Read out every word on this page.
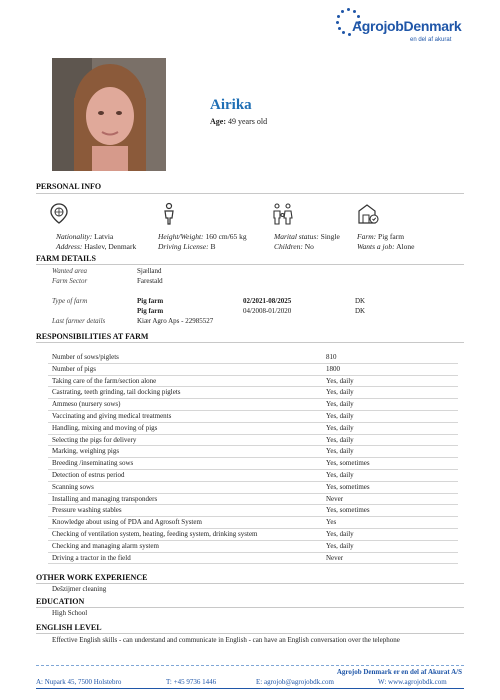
AgrojobDenmark
en del af akurat
Airika
Age: 49 years old
PERSONAL INFO
Nationality: Latvia
Address: Haslev, Denmark
Height/Weight: 160 cm/65 kg
Driving License: B
Marital status: Single
Children: No
Farm: Pig farm
Wants a job: Alone
FARM DETAILS
Wanted area	Sjælland
Farm Sector	Farestald
Type of farm	Pig farm	02/2021-08/2025	DK
Pig farm	04/2008-01/2020	DK
Last farmer details	Kiær Agro Aps - 22985527
RESPONSIBILITIES AT FARM
Number of sows/piglets	810
Number of pigs	1800
Taking care of the farm/section alone	Yes, daily
Castrating, teeth grinding, tail docking piglets	Yes, daily
Ammeso (nursery sows)	Yes, daily
Vaccinating and giving medical treatments	Yes, daily
Handling, mixing and moving of pigs	Yes, daily
Selecting the pigs for delivery	Yes, daily
Marking, weighing pigs	Yes, daily
Breeding /inseminating sows	Yes, sometimes
Detection of estrus period	Yes, daily
Scanning sows	Yes, sometimes
Installing and managing transponders	Never
Pressure washing stables	Yes, sometimes
Knowledge about using of PDA and Agrosoft System	Yes
Checking of ventilation system, heating, feeding system, drinking system	Yes, daily
Checking and managing alarm system	Yes, daily
Driving a tractor in the field	Never
OTHER WORK EXPERIENCE
Dešzijmer cleaning
EDUCATION
High School
ENGLISH LEVEL
Effective English skills - can understand and communicate in English - can have an English conversation over the telephone
Agrojob Denmark er en del af Akurat A/S
A: Nupark 45, 7500 Holstebro	T: +45 9736 1446	E: agrojob@agrojobdk.com	W: www.agrojobdk.com
